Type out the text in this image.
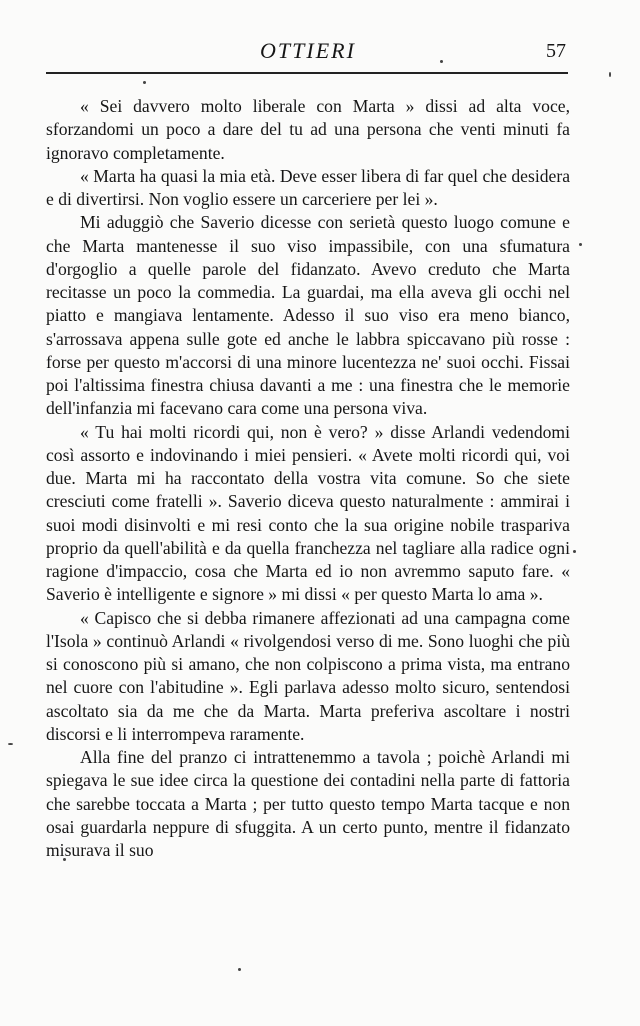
OTTIERI	57

« Sei davvero molto liberale con Marta » dissi ad alta voce, sforzandomi un poco a dare del tu ad una persona che venti minuti fa ignoravo completamente.

« Marta ha quasi la mia età. Deve esser libera di far quel che desidera e di divertirsi. Non voglio essere un carceriere per lei ».

Mi aduggiò che Saverio dicesse con serietà questo luogo comune e che Marta mantenesse il suo viso impassibile, con una sfumatura d'orgoglio a quelle parole del fidanzato. Avevo creduto che Marta recitasse un poco la commedia. La guardai, ma ella aveva gli occhi nel piatto e mangiava lentamente. Adesso il suo viso era meno bianco, s'arrossava appena sulle gote ed anche le labbra spiccavano più rosse : forse per questo m'accorsi di una minore lucentezza ne' suoi occhi. Fissai poi l'altissima finestra chiusa davanti a me : una finestra che le memorie dell'infanzia mi facevano cara come una persona viva.

« Tu hai molti ricordi qui, non è vero? » disse Arlandi vedendomi così assorto e indovinando i miei pensieri. « Avete molti ricordi qui, voi due. Marta mi ha raccontato della vostra vita comune. So che siete cresciuti come fratelli ». Saverio diceva questo naturalmente : ammirai i suoi modi disinvolti e mi resi conto che la sua origine nobile traspariva proprio da quell'abilità e da quella franchezza nel tagliare alla radice ogni ragione d'impaccio, cosa che Marta ed io non avremmo saputo fare. « Saverio è intelligente e signore » mi dissi « per questo Marta lo ama ».

« Capisco che si debba rimanere affezionati ad una campagna come l'Isola » continuò Arlandi « rivolgendosi verso di me. Sono luoghi che più si conoscono più si amano, che non colpiscono a prima vista, ma entrano nel cuore con l'abitudine ». Egli parlava adesso molto sicuro, sentendosi ascoltato sia da me che da Marta. Marta preferiva ascoltare i nostri discorsi e li interrompeva raramente.

Alla fine del pranzo ci intrattenemmo a tavola ; poichè Arlandi mi spiegava le sue idee circa la questione dei contadini nella parte di fattoria che sarebbe toccata a Marta ; per tutto questo tempo Marta tacque e non osai guardarla neppure di sfuggita. A un certo punto, mentre il fidanzato misurava il suo
